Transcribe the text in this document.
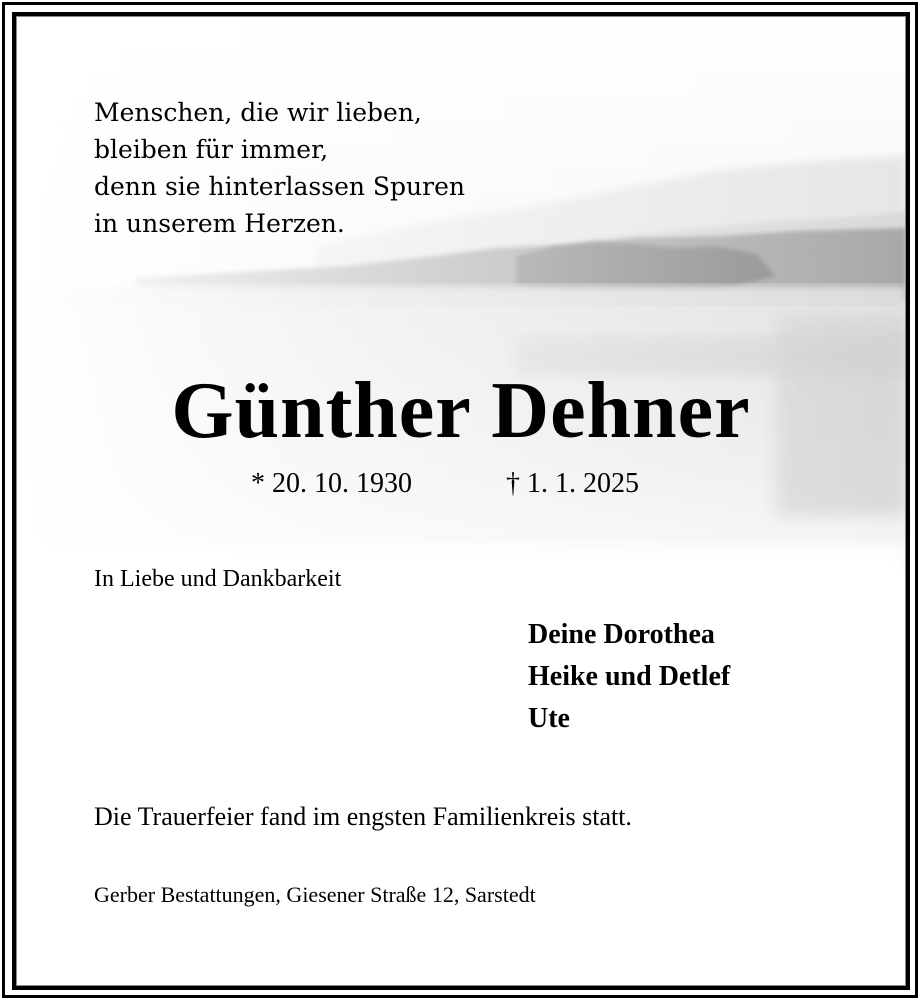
Menschen, die wir lieben,
bleiben für immer,
denn sie hinterlassen Spuren
in unserem Herzen.
Günther Dehner
* 20. 10. 1930	† 1. 1. 2025
In Liebe und Dankbarkeit
Deine Dorothea
Heike und Detlef
Ute
Die Trauerfeier fand im engsten Familienkreis statt.
Gerber Bestattungen, Giesener Straße 12, Sarstedt
